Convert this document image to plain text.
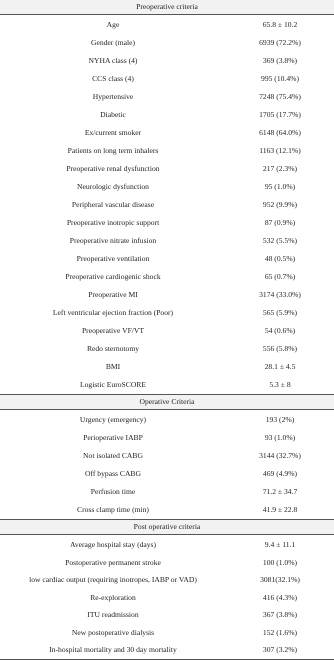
Preoperative criteria
Age	65.8 ± 10.2
Gender (male)	6939 (72.2%)
NYHA class (4)	369 (3.8%)
CCS class (4)	995 (10.4%)
Hypertensive	7248 (75.4%)
Diabetic	1705 (17.7%)
Ex/current smoker	6148 (64.0%)
Patients on long term inhalers	1163 (12.1%)
Preoperative renal dysfunction	217 (2.3%)
Neurologic dysfunction	95 (1.0%)
Peripheral vascular disease	952 (9.9%)
Preoperative inotropic support	87 (0.9%)
Preoperative nitrate infusion	532 (5.5%)
Preoperative ventilation	48 (0.5%)
Preoperative cardiogenic shock	65 (0.7%)
Preoperative MI	3174 (33.0%)
Left ventricular ejection fraction (Poor)	565 (5.9%)
Preoperative VF/VT	54 (0.6%)
Redo sternotomy	556 (5.8%)
BMI	28.1 ± 4.5
Logistic EuroSCORE	5.3 ± 8
Operative Criteria
Urgency (emergency)	193 (2%)
Perioperative IABP	93 (1.0%)
Not isolated CABG	3144 (32.7%)
Off bypass CABG	469 (4.9%)
Perfusion time	71.2 ± 34.7
Cross clamp time (min)	41.9 ± 22.8
Post operative criteria
Average hospital stay (days)	9.4 ± 11.1
Postoperative permanent stroke	100 (1.0%)
low cardiac output (requiring inotropes, IABP or VAD)	3081(32.1%)
Re-exploration	416 (4.3%)
ITU readmission	367 (3.8%)
New postoperative dialysis	152 (1.6%)
In-hospital mortality and 30 day mortality	307 (3.2%)
